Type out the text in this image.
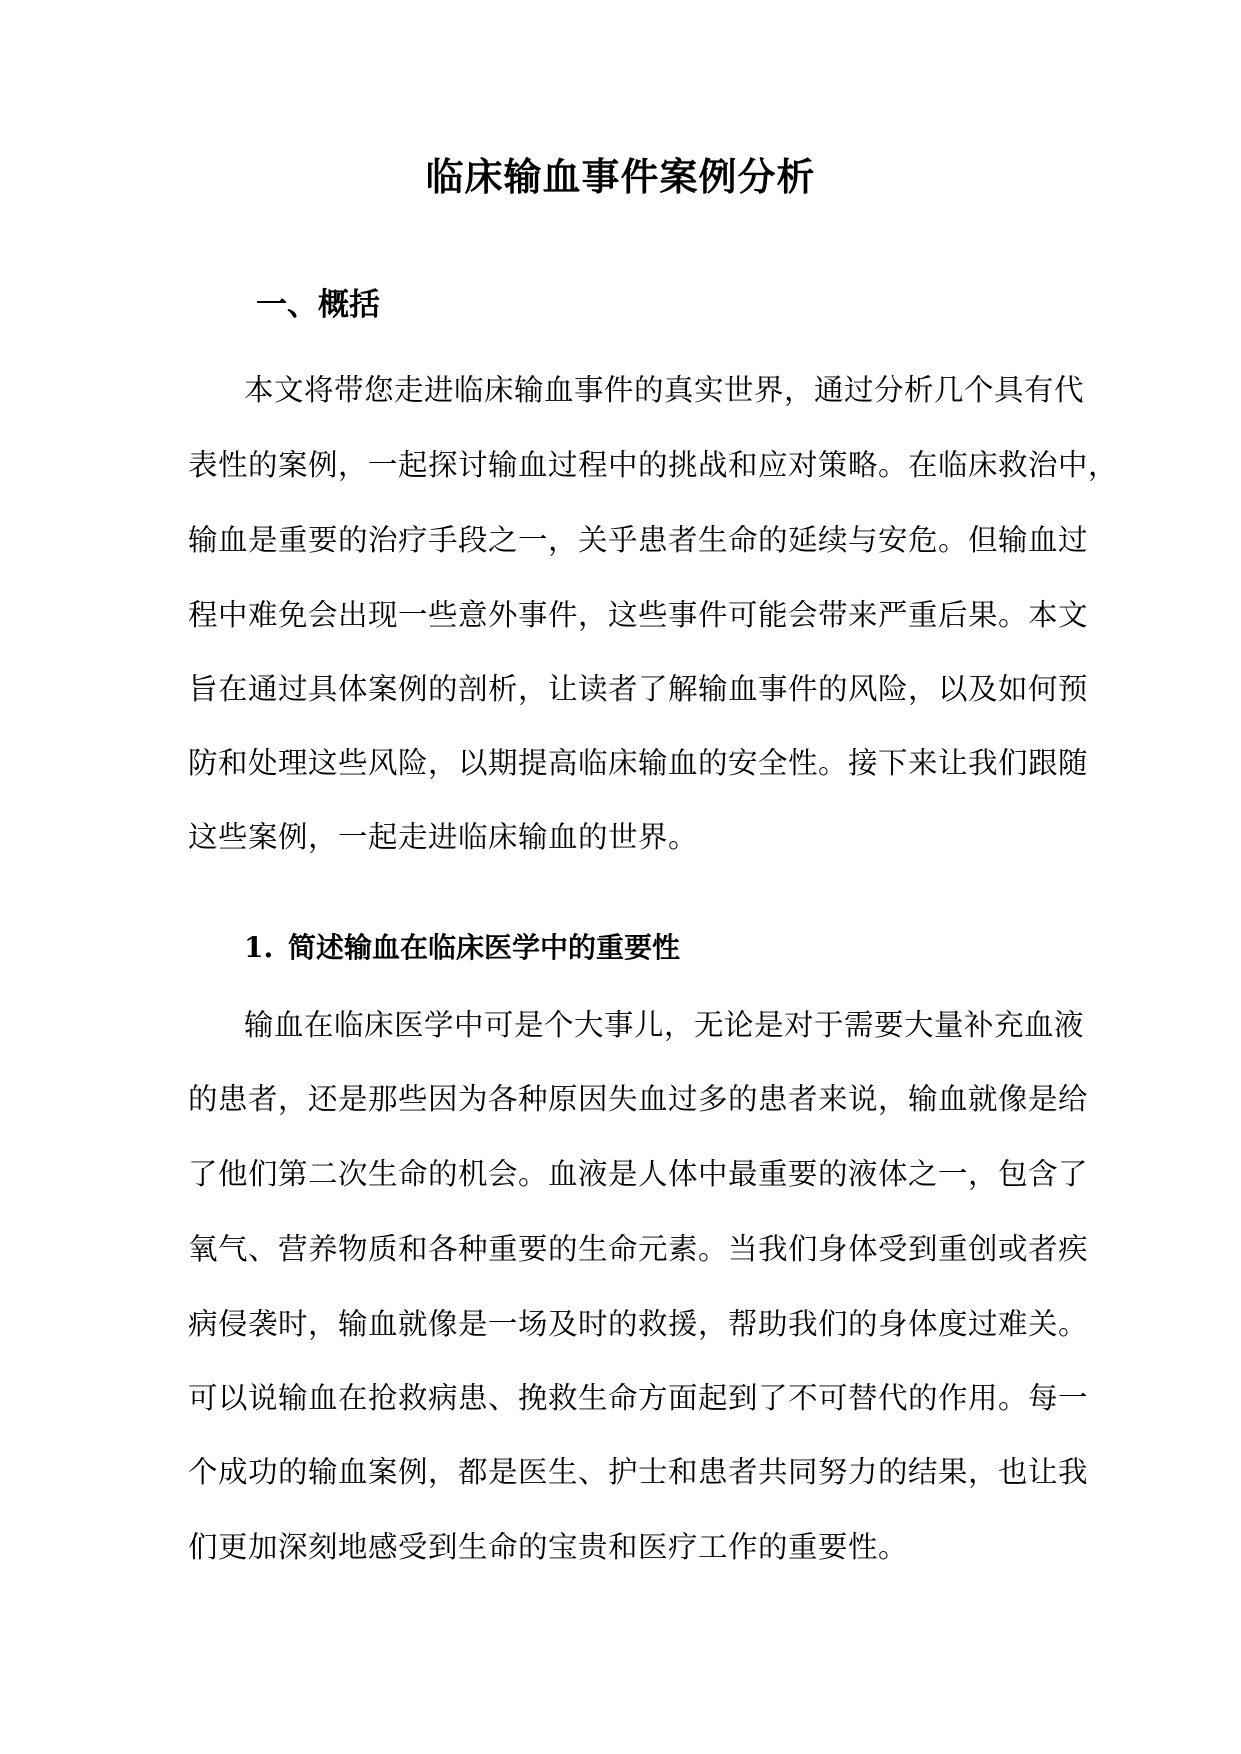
临床输血事件案例分析
一、概括
本文将带您走进临床输血事件的真实世界，通过分析几个具有代
表性的案例，一起探讨输血过程中的挑战和应对策略。在临床救治中，
输血是重要的治疗手段之一，关乎患者生命的延续与安危。但输血过
程中难免会出现一些意外事件，这些事件可能会带来严重后果。本文
旨在通过具体案例的剖析，让读者了解输血事件的风险，以及如何预
防和处理这些风险，以期提高临床输血的安全性。接下来让我们跟随
这些案例，一起走进临床输血的世界。
1. 简述输血在临床医学中的重要性
输血在临床医学中可是个大事儿，无论是对于需要大量补充血液
的患者，还是那些因为各种原因失血过多的患者来说，输血就像是给
了他们第二次生命的机会。血液是人体中最重要的液体之一，包含了
氧气、营养物质和各种重要的生命元素。当我们身体受到重创或者疾
病侵袭时，输血就像是一场及时的救援，帮助我们的身体度过难关。
可以说输血在抢救病患、挽救生命方面起到了不可替代的作用。每一
个成功的输血案例，都是医生、护士和患者共同努力的结果，也让我
们更加深刻地感受到生命的宝贵和医疗工作的重要性。
